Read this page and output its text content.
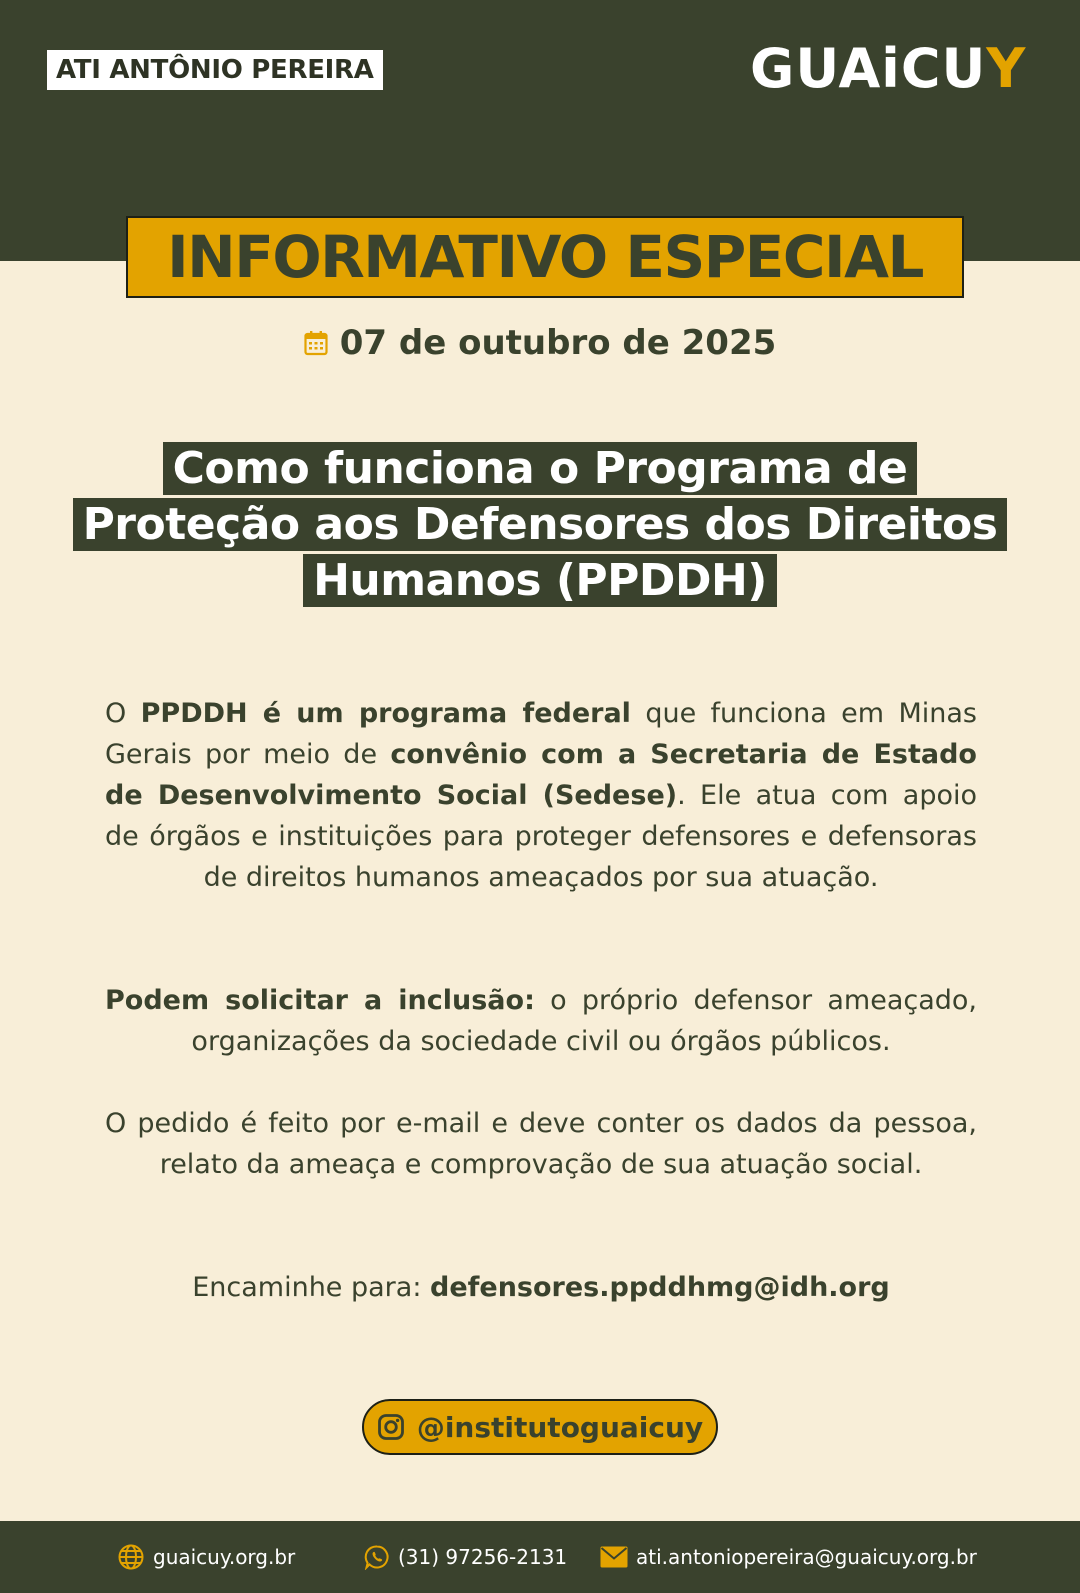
ATI ANTÔNIO PEREIRA	GUAiCUY
INFORMATIVO ESPECIAL
07 de outubro de 2025
Como funciona o Programa de
Proteção aos Defensores dos Direitos
Humanos (PPDDH)

O PPDDH é um programa federal que funciona em Minas Gerais por meio de convênio com a Secretaria de Estado de Desenvolvimento Social (Sedese). Ele atua com apoio de órgãos e instituições para proteger defensores e defensoras de direitos humanos ameaçados por sua atuação.

Podem solicitar a inclusão: o próprio defensor ameaçado, organizações da sociedade civil ou órgãos públicos.

O pedido é feito por e-mail e deve conter os dados da pessoa, relato da ameaça e comprovação de sua atuação social.

Encaminhe para: defensores.ppddhmg@idh.org

@institutoguaicuy
guaicuy.org.br	(31) 97256-2131	ati.antoniopereira@guaicuy.org.br
